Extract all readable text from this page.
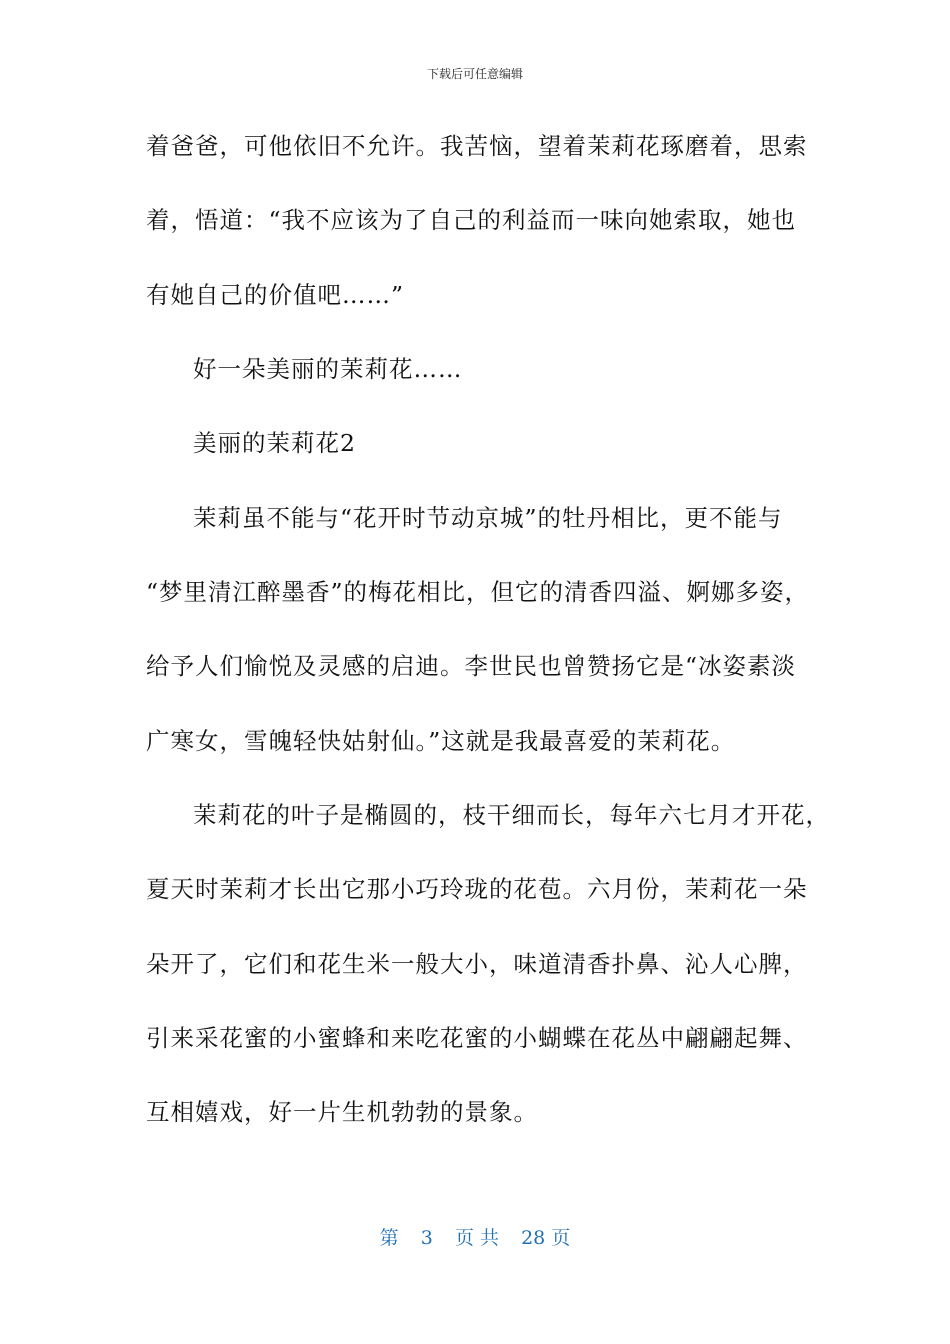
下载后可任意编辑
着爸爸，可他依旧不允许。我苦恼，望着茉莉花琢磨着，思索
着，悟道：“我不应该为了自己的利益而一味向她索取，她也
有她自己的价值吧……”
好一朵美丽的茉莉花……
美丽的茉莉花2
茉莉虽不能与“花开时节动京城”的牡丹相比，更不能与
“梦里清江醉墨香”的梅花相比，但它的清香四溢、婀娜多姿，
给予人们愉悦及灵感的启迪。李世民也曾赞扬它是“冰姿素淡
广寒女，雪魄轻快姑射仙。”这就是我最喜爱的茉莉花。
茉莉花的叶子是椭圆的，枝干细而长，每年六七月才开花，
夏天时茉莉才长出它那小巧玲珑的花苞。六月份，茉莉花一朵
朵开了，它们和花生米一般大小，味道清香扑鼻、沁人心脾，
引来采花蜜的小蜜蜂和来吃花蜜的小蝴蝶在花丛中翩翩起舞、
互相嬉戏，好一片生机勃勃的景象。
第 3 页 共 28 页
